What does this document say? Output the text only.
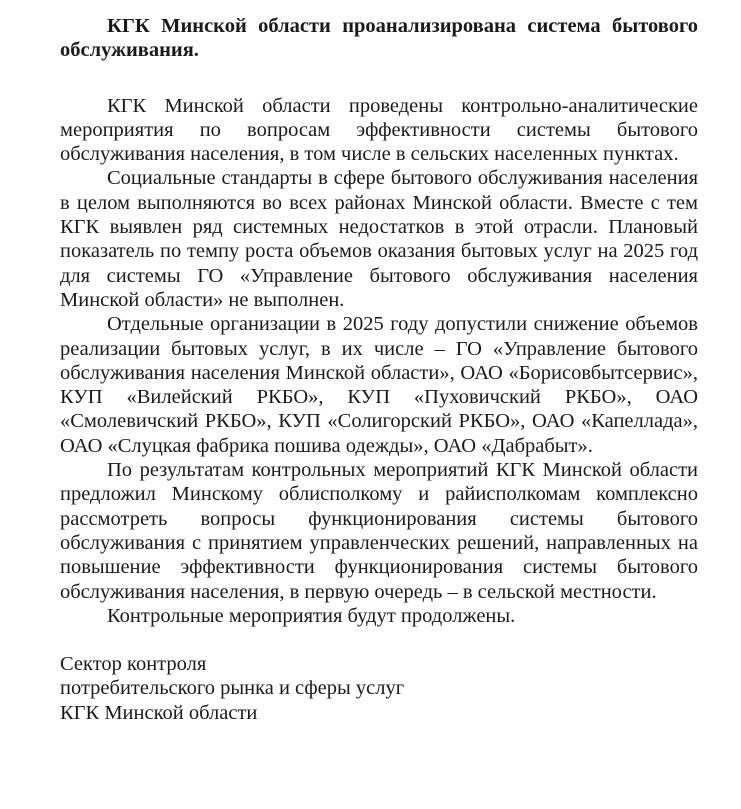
КГК Минской области проанализирована система бытового обслуживания.

КГК Минской области проведены контрольно-аналитические мероприятия по вопросам эффективности системы бытового обслуживания населения, в том числе в сельских населенных пунктах.

Социальные стандарты в сфере бытового обслуживания населения в целом выполняются во всех районах Минской области. Вместе с тем КГК выявлен ряд системных недостатков в этой отрасли. Плановый показатель по темпу роста объемов оказания бытовых услуг на 2025 год для системы ГО «Управление бытового обслуживания населения Минской области» не выполнен.

Отдельные организации в 2025 году допустили снижение объемов реализации бытовых услуг, в их числе – ГО «Управление бытового обслуживания населения Минской области», ОАО «Борисовбытсервис», КУП «Вилейский РКБО», КУП «Пуховичский РКБО», ОАО «Смолевичский РКБО», КУП «Солигорский РКБО», ОАО «Капеллада», ОАО «Слуцкая фабрика пошива одежды», ОАО «Дабрабыт».

По результатам контрольных мероприятий КГК Минской области предложил Минскому облисполкому и райисполкомам комплексно рассмотреть вопросы функционирования системы бытового обслуживания с принятием управленческих решений, направленных на повышение эффективности функционирования системы бытового обслуживания населения, в первую очередь – в сельской местности.

Контрольные мероприятия будут продолжены.

Сектор контроля

потребительского рынка и сферы услуг

КГК Минской области
